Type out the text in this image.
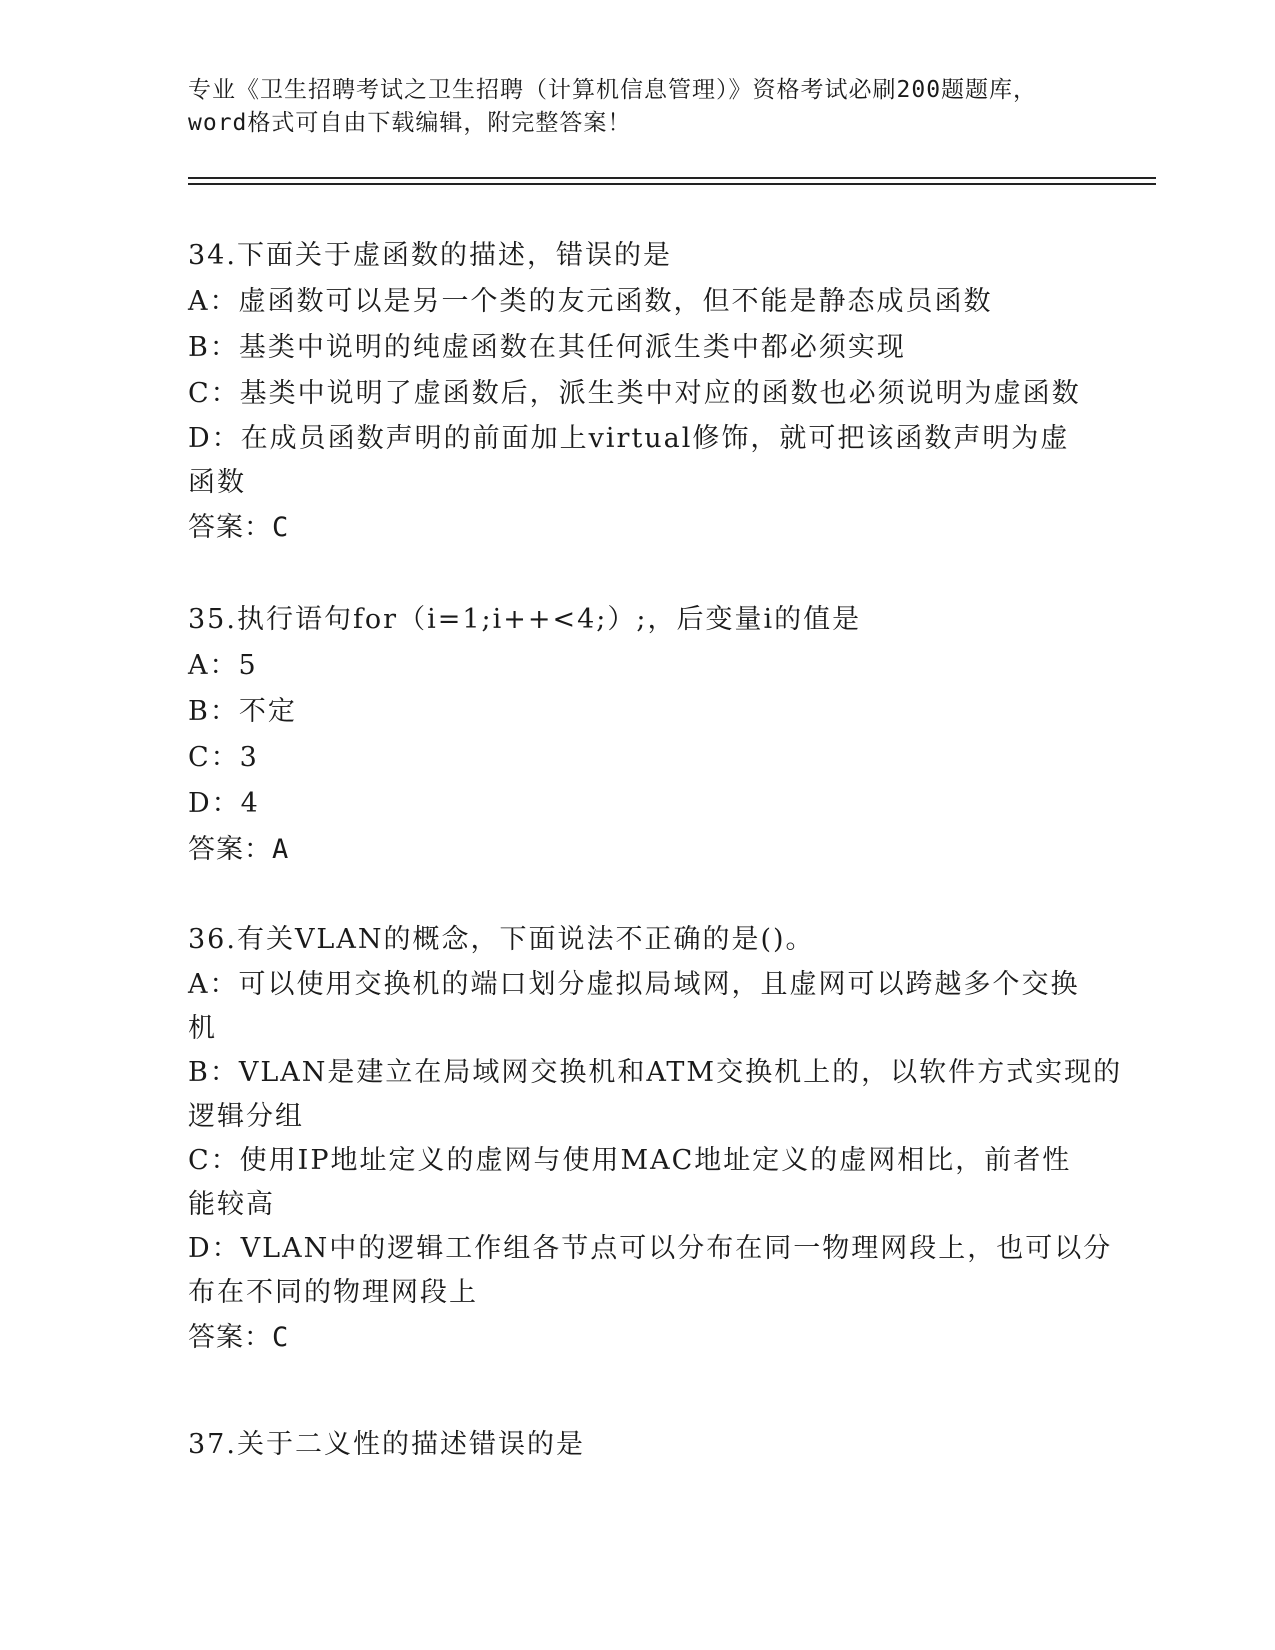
专业《卫生招聘考试之卫生招聘（计算机信息管理）》资格考试必刷200题题库，
word格式可自由下载编辑，附完整答案！
34.下面关于虚函数的描述，错误的是
A：虚函数可以是另一个类的友元函数，但不能是静态成员函数
B：基类中说明的纯虚函数在其任何派生类中都必须实现
C：基类中说明了虚函数后，派生类中对应的函数也必须说明为虚函数
D：在成员函数声明的前面加上virtual修饰，就可把该函数声明为虚
函数
答案：C
35.执行语句for（i=1;i++<4;）;，后变量i的值是
A：5
B：不定
C：3
D：4
答案：A
36.有关VLAN的概念，下面说法不正确的是()。
A：可以使用交换机的端口划分虚拟局域网，且虚网可以跨越多个交换
机
B：VLAN是建立在局域网交换机和ATM交换机上的，以软件方式实现的
逻辑分组
C：使用IP地址定义的虚网与使用MAC地址定义的虚网相比，前者性
能较高
D：VLAN中的逻辑工作组各节点可以分布在同一物理网段上，也可以分
布在不同的物理网段上
答案：C
37.关于二义性的描述错误的是
